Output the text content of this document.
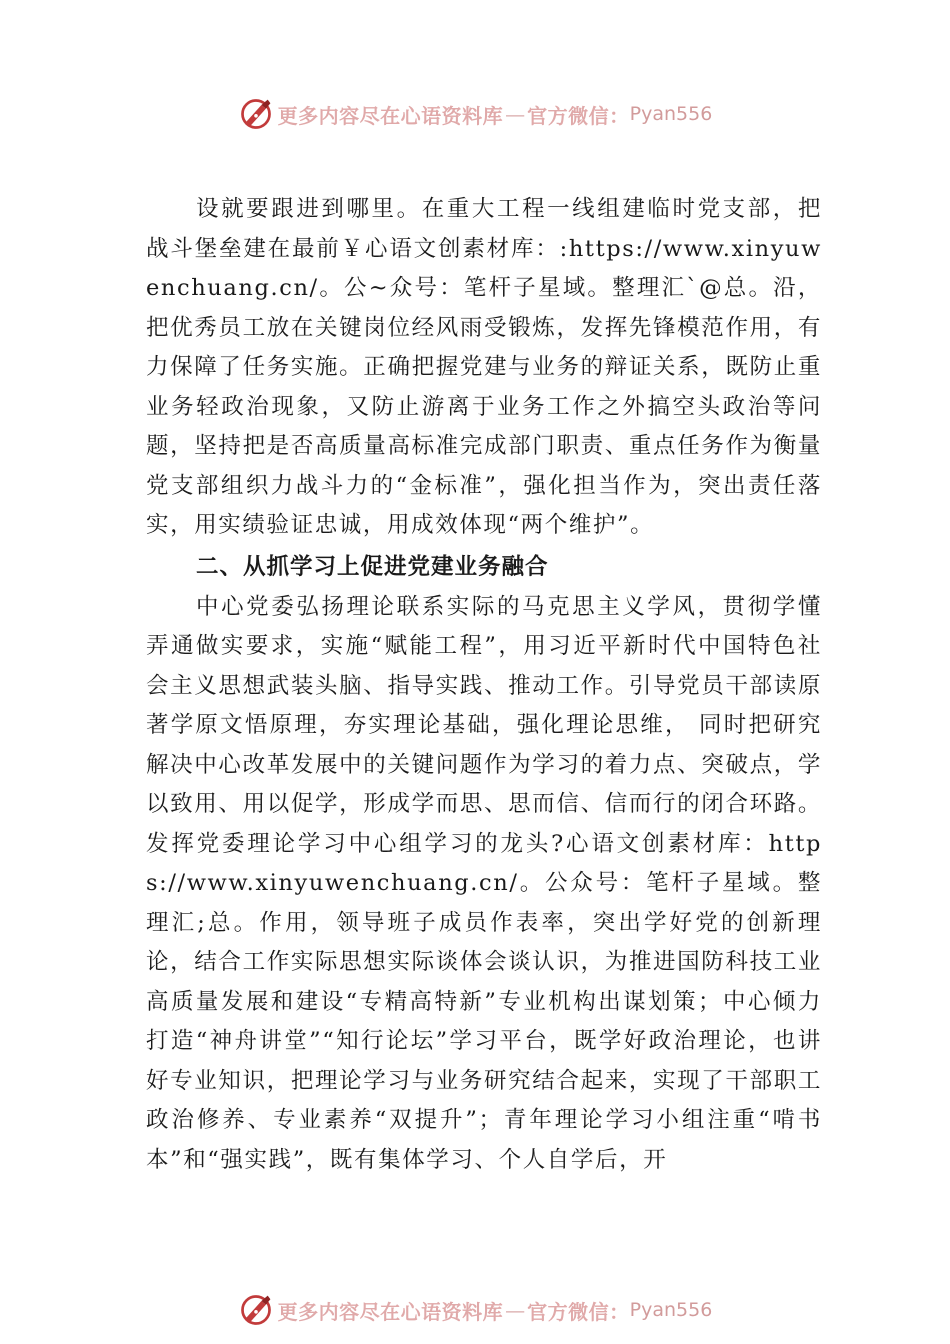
更多内容尽在心语资料库 — 官方微信： Pyan556

设就要跟进到哪里。在重大工程一线组建临时党支部，把战斗堡垒建在最前￥心语文创素材库：:https://www.xinyuwenchuang.cn/。公~众号：笔杆子星域。整理汇`@总。沿，把优秀员工放在关键岗位经风雨受锻炼，发挥先锋模范作用，有力保障了任务实施。正确把握党建与业务的辩证关系，既防止重业务轻政治现象，又防止游离于业务工作之外搞空头政治等问题，坚持把是否高质量高标准完成部门职责、重点任务作为衡量党支部组织力战斗力的“金标准”，强化担当作为，突出责任落实，用实绩验证忠诚，用成效体现“两个维护”。

二、从抓学习上促进党建业务融合

中心党委弘扬理论联系实际的马克思主义学风，贯彻学懂弄通做实要求，实施“赋能工程”，用习近平新时代中国特色社会主义思想武装头脑、指导实践、推动工作。引导党员干部读原著学原文悟原理，夯实理论基础，强化理论思维， 同时把研究解决中心改革发展中的关键问题作为学习的着力点、突破点，学以致用、用以促学，形成学而思、思而信、信而行的闭合环路。发挥党委理论学习中心组学习的龙头?心语文创素材库：https://www.xinyuwenchuang.cn/。公众号：笔杆子星域。整理汇;总。作用，领导班子成员作表率，突出学好党的创新理论，结合工作实际思想实际谈体会谈认识，为推进国防科技工业高质量发展和建设“专精高特新”专业机构出谋划策；中心倾力打造“神舟讲堂”“知行论坛”学习平台，既学好政治理论，也讲好专业知识，把理论学习与业务研究结合起来，实现了干部职工政治修养、专业素养“双提升”；青年理论学习小组注重“啃书本”和“强实践”，既有集体学习、个人自学后，开

更多内容尽在心语资料库 — 官方微信： Pyan556
